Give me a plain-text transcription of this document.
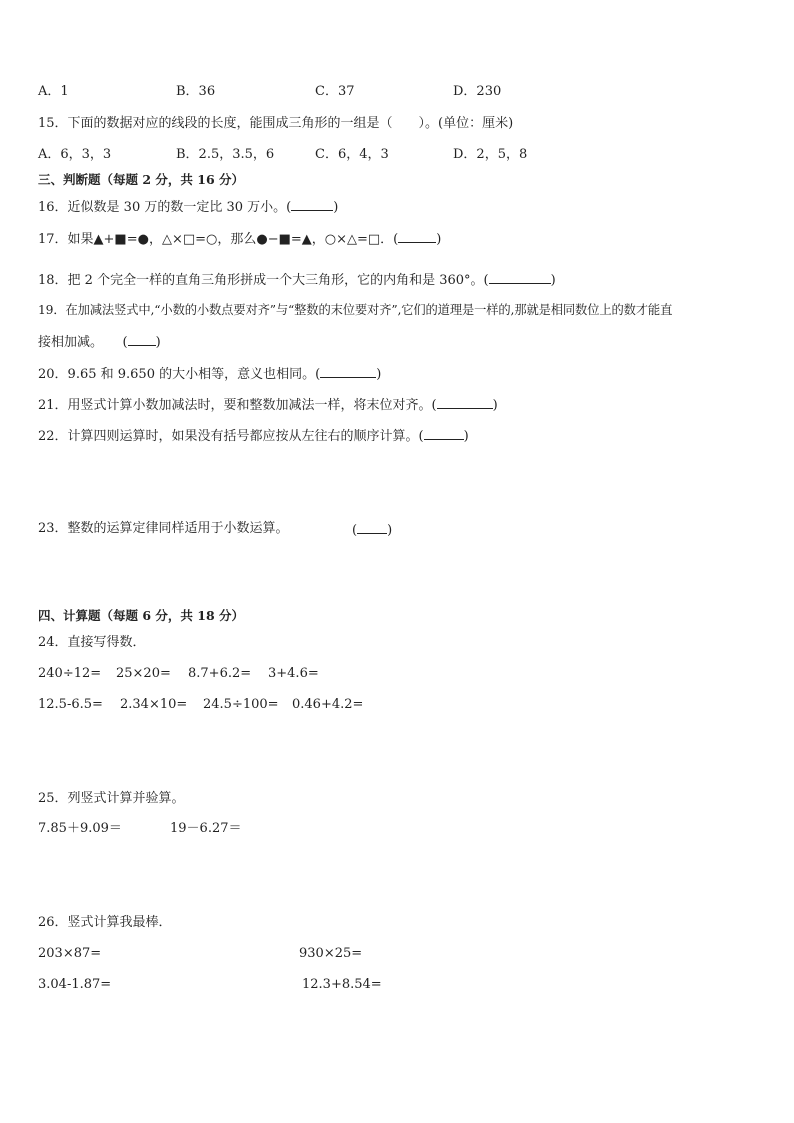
A．1	B．36	C．37	D．230
15．下面的数据对应的线段的长度，能围成三角形的一组是（　　）。(单位：厘米)
A．6，3，3	B．2.5，3.5，6	C．6，4，3	D．2，5，8
三、判断题（每题 2 分，共 16 分）
16．近似数是 30 万的数一定比 30 万小。(	)
17．如果▲+■=●，△×□=○，那么●−■=▲，○×△=□．(	)
18．把 2 个完全一样的直角三角形拼成一个大三角形，它的内角和是 360°。(	)
19．在加减法竖式中,“小数的小数点要对齐”与“整数的末位要对齐”,它们的道理是一样的,那就是相同数位上的数才能直
接相加减。　　( )
20．9.65 和 9.650 的大小相等，意义也相同。(	)
21．用竖式计算小数加减法时，要和整数加减法一样，将末位对齐。(	)
22．计算四则运算时，如果没有括号都应按从左往右的顺序计算。(	)
23．整数的运算定律同样适用于小数运算。	( )
四、计算题（每题 6 分，共 18 分）
24．直接写得数．
240÷12= 25×20= 8.7+6.2= 3+4.6=
12.5-6.5= 2.34×10= 24.5÷100= 0.46+4.2=
25．列竖式计算并验算。
7.85＋9.09＝	19－6.27＝
26．竖式计算我最棒．
203×87=	930×25=
3.04-1.87=	12.3+8.54=
